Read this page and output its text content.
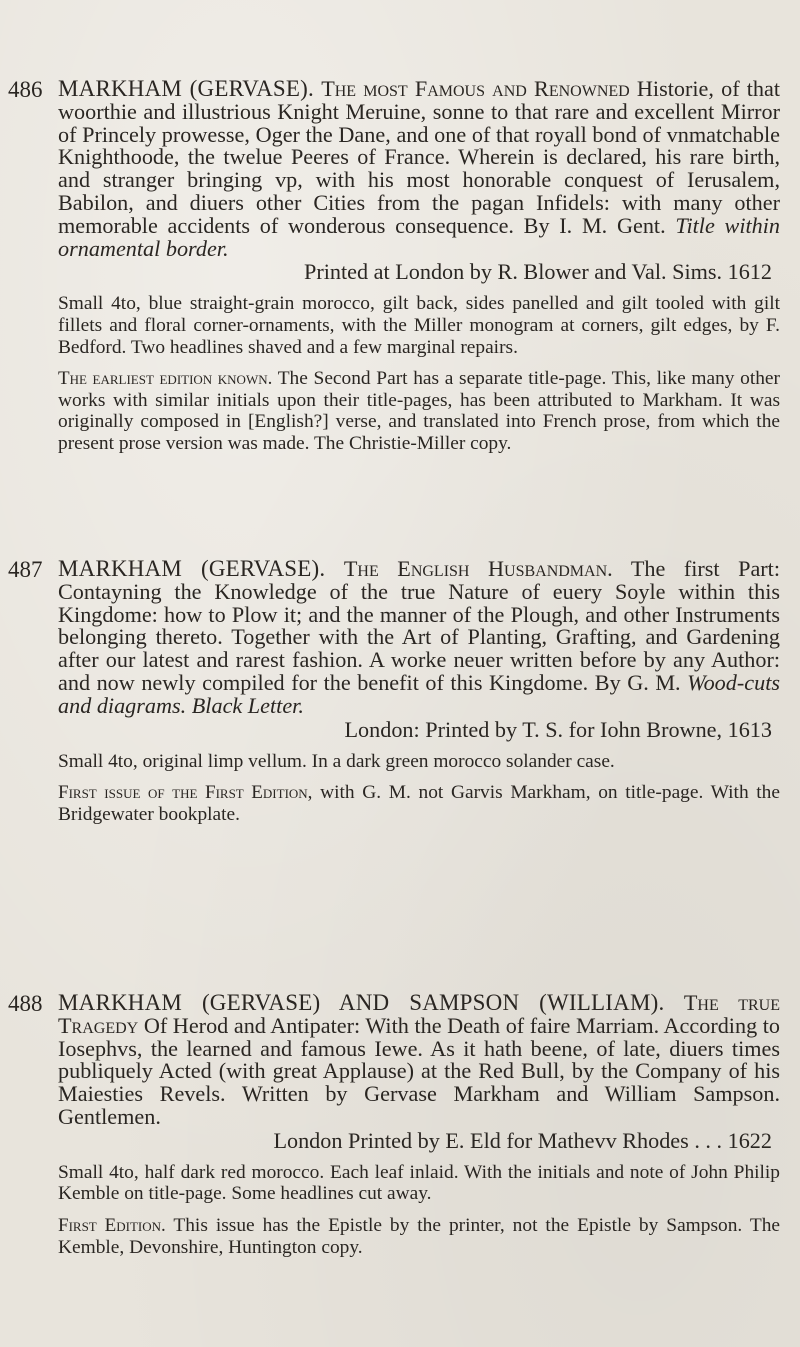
486 MARKHAM (GERVASE). The most Famous and Renowned Historie, of that woorthie and illustrious Knight Meruine, sonne to that rare and excellent Mirror of Princely prowesse, Oger the Dane, and one of that royall bond of vnmatchable Knighthoode, the twelue Peeres of France. Wherein is declared, his rare birth, and stranger bringing vp, with his most honorable conquest of Ierusalem, Babilon, and diuers other Cities from the pagan Infidels: with many other memorable accidents of wonderous consequence. By I. M. Gent. Title within ornamental border.
Printed at London by R. Blower and Val. Sims. 1612

Small 4to, blue straight-grain morocco, gilt back, sides panelled and gilt tooled with gilt fillets and floral corner-ornaments, with the Miller monogram at corners, gilt edges, by F. Bedford. Two headlines shaved and a few marginal repairs.

The earliest edition known. The Second Part has a separate title-page. This, like many other works with similar initials upon their title-pages, has been attributed to Markham. It was originally composed in [English?] verse, and translated into French prose, from which the present prose version was made. The Christie-Miller copy.

487 MARKHAM (GERVASE). The English Husbandman. The first Part: Contayning the Knowledge of the true Nature of euery Soyle within this Kingdome: how to Plow it; and the manner of the Plough, and other Instruments belonging thereto. Together with the Art of Planting, Grafting, and Gardening after our latest and rarest fashion. A worke neuer written before by any Author: and now newly compiled for the benefit of this Kingdome. By G. M. Wood-cuts and diagrams. Black Letter.
London: Printed by T. S. for Iohn Browne, 1613

Small 4to, original limp vellum. In a dark green morocco solander case.

First issue of the First Edition, with G. M. not Garvis Markham, on title-page. With the Bridgewater bookplate.

488 MARKHAM (GERVASE) AND SAMPSON (WILLIAM). The true Tragedy Of Herod and Antipater: With the Death of faire Marriam. According to Iosephvs, the learned and famous Iewe. As it hath beene, of late, diuers times publiquely Acted (with great Applause) at the Red Bull, by the Company of his Maiesties Revels. Written by Gervase Markham and William Sampson. Gentlemen.
London Printed by E. Eld for Mathevv Rhodes . . . 1622

Small 4to, half dark red morocco. Each leaf inlaid. With the initials and note of John Philip Kemble on title-page. Some headlines cut away.

First Edition. This issue has the Epistle by the printer, not the Epistle by Sampson. The Kemble, Devonshire, Huntington copy.
